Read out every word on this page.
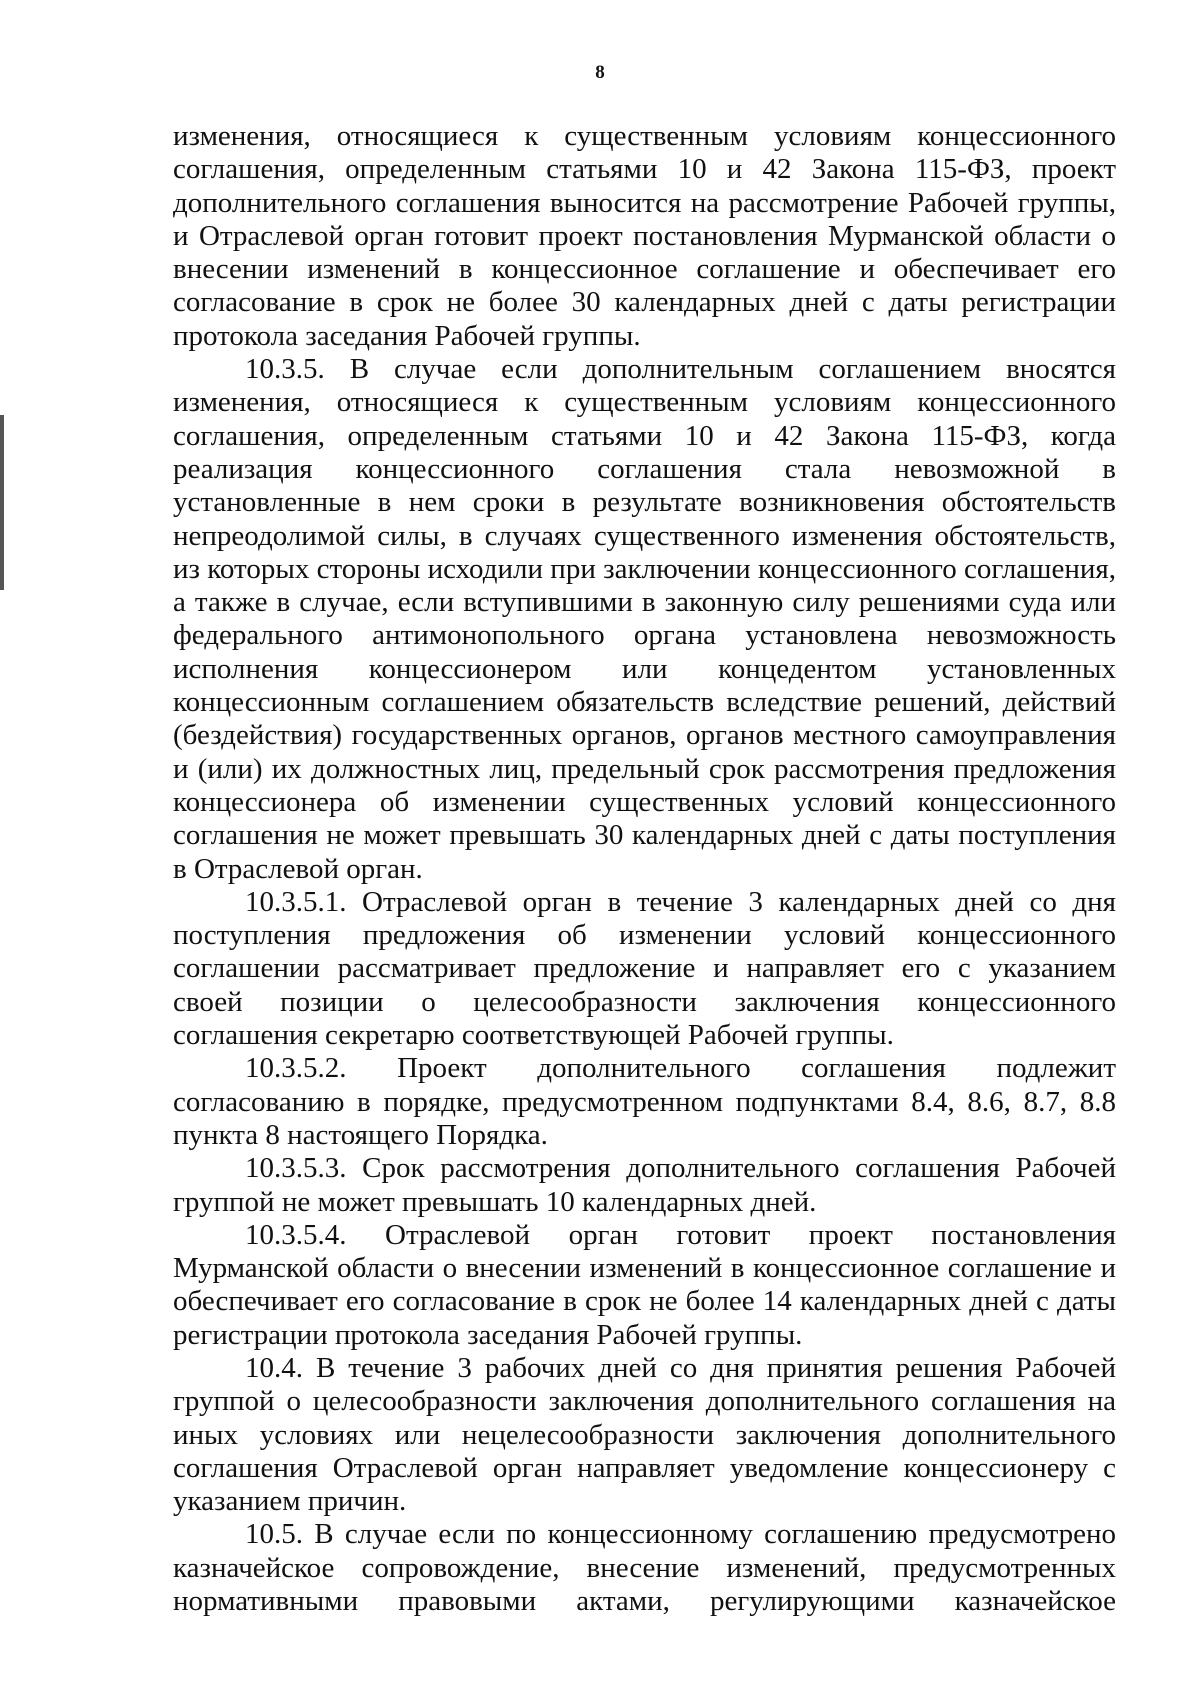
8

изменения, относящиеся к существенным условиям концессионного соглашения, определенным статьями 10 и 42 Закона 115-ФЗ, проект дополнительного соглашения выносится на рассмотрение Рабочей группы, и Отраслевой орган готовит проект постановления Мурманской области о внесении изменений в концессионное соглашение и обеспечивает его согласование в срок не более 30 календарных дней с даты регистрации протокола заседания Рабочей группы.

10.3.5. В случае если дополнительным соглашением вносятся изменения, относящиеся к существенным условиям концессионного соглашения, определенным статьями 10 и 42 Закона 115-ФЗ, когда реализация концессионного соглашения стала невозможной в установленные в нем сроки в результате возникновения обстоятельств непреодолимой силы, в случаях существенного изменения обстоятельств, из которых стороны исходили при заключении концессионного соглашения, а также в случае, если вступившими в законную силу решениями суда или федерального антимонопольного органа установлена невозможность исполнения концессионером или концедентом установленных концессионным соглашением обязательств вследствие решений, действий (бездействия) государственных органов, органов местного самоуправления и (или) их должностных лиц, предельный срок рассмотрения предложения концессионера об изменении существенных условий концессионного соглашения не может превышать 30 календарных дней с даты поступления в Отраслевой орган.

10.3.5.1. Отраслевой орган в течение 3 календарных дней со дня поступления предложения об изменении условий концессионного соглашении рассматривает предложение и направляет его с указанием своей позиции о целесообразности заключения концессионного соглашения секретарю соответствующей Рабочей группы.

10.3.5.2. Проект дополнительного соглашения подлежит согласованию в порядке, предусмотренном подпунктами 8.4, 8.6, 8.7, 8.8 пункта 8 настоящего Порядка.

10.3.5.3. Срок рассмотрения дополнительного соглашения Рабочей группой не может превышать 10 календарных дней.

10.3.5.4. Отраслевой орган готовит проект постановления Мурманской области о внесении изменений в концессионное соглашение и обеспечивает его согласование в срок не более 14 календарных дней с даты регистрации протокола заседания Рабочей группы.

10.4. В течение 3 рабочих дней со дня принятия решения Рабочей группой о целесообразности заключения дополнительного соглашения на иных условиях или нецелесообразности заключения дополнительного соглашения Отраслевой орган направляет уведомление концессионеру с указанием причин.

10.5. В случае если по концессионному соглашению предусмотрено казначейское сопровождение, внесение изменений, предусмотренных нормативными правовыми актами, регулирующими казначейское
